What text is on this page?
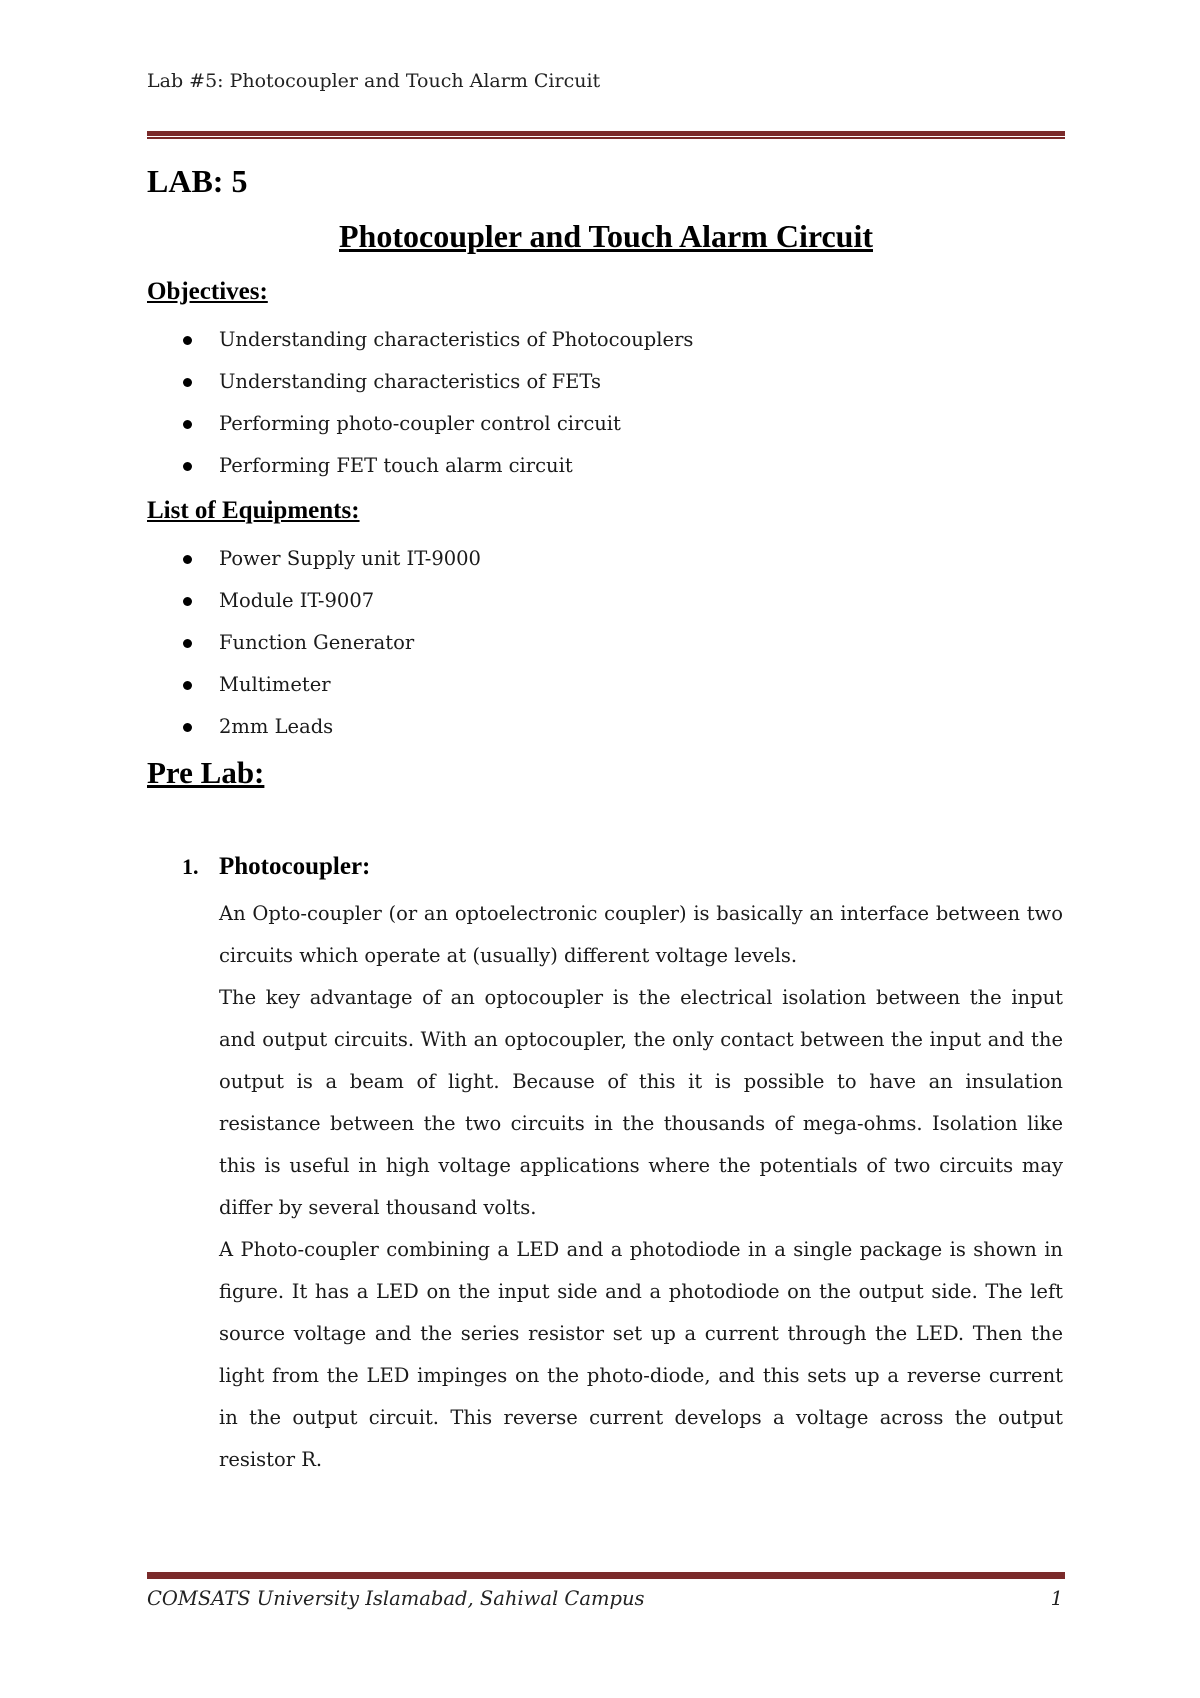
Lab #5: Photocoupler and Touch Alarm Circuit
LAB: 5
Photocoupler and Touch Alarm Circuit
Objectives:
Understanding characteristics of Photocouplers
Understanding characteristics of FETs
Performing photo-coupler control circuit
Performing FET touch alarm circuit
List of Equipments:
Power Supply unit IT-9000
Module IT-9007
Function Generator
Multimeter
2mm Leads
Pre Lab:
1. Photocoupler:

An Opto-coupler (or an optoelectronic coupler) is basically an interface between two circuits which operate at (usually) different voltage levels.

The key advantage of an optocoupler is the electrical isolation between the input and output circuits. With an optocoupler, the only contact between the input and the output is a beam of light. Because of this it is possible to have an insulation resistance between the two circuits in the thousands of mega-ohms. Isolation like this is useful in high voltage applications where the potentials of two circuits may differ by several thousand volts.

A Photo-coupler combining a LED and a photodiode in a single package is shown in figure. It has a LED on the input side and a photodiode on the output side. The left source voltage and the series resistor set up a current through the LED. Then the light from the LED impinges on the photo-diode, and this sets up a reverse current in the output circuit. This reverse current develops a voltage across the output resistor R.

COMSATS University Islamabad, Sahiwal Campus	1
